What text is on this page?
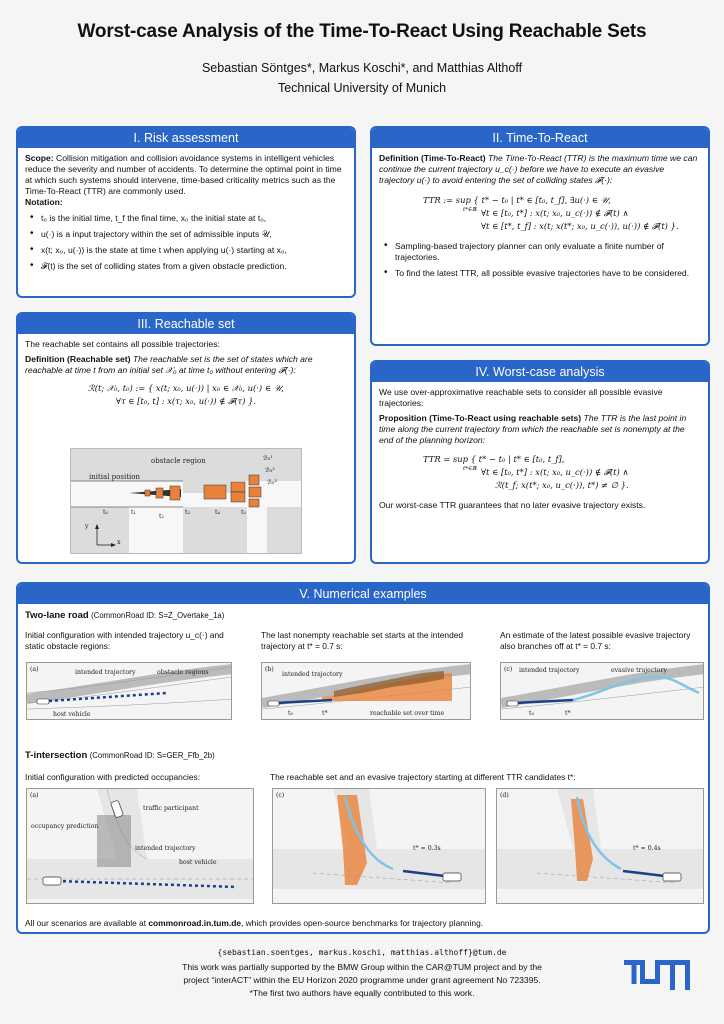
Worst-case Analysis of the Time-To-React Using Reachable Sets
Sebastian Söntges*, Markus Koschi*, and Matthias Althoff
Technical University of Munich
I. Risk assessment
Scope: Collision mitigation and collision avoidance systems in intelligent vehicles reduce the severity and number of accidents. To determine the optimal point in time at which such systems should intervene, time-based criticality metrics such as the Time-To-React (TTR) are commonly used.
Notation:
• t₀ is the initial time, t_f the final time, x₀ the initial state at t₀,
• u(·) is a input trajectory within the set of admissible inputs 𝒰,
• x(t; x₀, u(·)) is the state at time t when applying u(·) starting at x₀,
• 𝓕(t) is the set of colliding states from a given obstacle prediction.
III. Reachable set
The reachable set contains all possible trajectories:
Definition (Reachable set) The reachable set is the set of states which are reachable at time t from an initial set 𝒳₀ at time t₀ without entering 𝓕(·):
ℛ(t; 𝒳₀, t₀) := { x(t; x₀, u(·)) | x₀ ∈ 𝒳₀, u(·) ∈ 𝒰,
∀τ ∈ [t₀, t] : x(τ; x₀, u(·)) ∉ 𝓕(τ) }.
obstacle region
initial position
t₀	t₁
t₂
t₃	t₄	t₅
ℬ₅¹
ℬ₅²
ℬ₅³
y
x
II. Time-To-React
Definition (Time-To-React) The Time-To-React (TTR) is the maximum time we can continue the current trajectory u_c(·) before we have to execute an evasive trajectory u(·) to avoid entering the set of colliding states 𝓕(·):
TTR := sup { t* − t₀ | t* ∈ [t₀, t_f], ∃u(·) ∈ 𝒰,
∀t ∈ [t₀, t*] : x(t; x₀, u_c(·)) ∉ 𝓕(t) ∧
∀t ∈ [t*, t_f] : x(t; x(t*; x₀, u_c(·)), u(·)) ∉ 𝓕(t) }.
t*∈ℝ
• Sampling-based trajectory planner can only evaluate a finite number of trajectories.
• To find the latest TTR, all possible evasive trajectories have to be considered.
IV. Worst-case analysis
We use over-approximative reachable sets to consider all possible evasive trajectories:
Proposition (Time-To-React using reachable sets) The TTR is the last point in time along the current trajectory from which the reachable set is nonempty at the end of the planning horizon:
TTR = sup { t* − t₀ | t* ∈ [t₀, t_f],
∀t ∈ [t₀, t*] : x(t; x₀, u_c(·)) ∉ 𝓕(t) ∧
ℛ(t_f; x(t*; x₀, u_c(·)), t*) ≠ ∅ }.
t*∈ℝ
Our worst-case TTR guarantees that no later evasive trajectory exists.
V. Numerical examples
Two-lane road (CommonRoad ID: S=Z_Overtake_1a)
Initial configuration with intended trajectory u_c(·) and static obstacle regions:
The last nonempty reachable set starts at the intended trajectory at t* = 0.7 s:
An estimate of the latest possible evasive trajectory also branches off at t* = 0.7 s:
(a)	intended trajectory	obstacle regions
host vehicle
(b)
intended trajectory
t₀	t*	reachable set over time
(c) intended trajectory	evasive trajectory
t₀	t*
T-intersection (CommonRoad ID: S=GER_Ffb_2b)
Initial configuration with predicted occupancies:	The reachable set and an evasive trajectory starting at different TTR candidates t*:
(a)
traffic participant
occupancy prediction
intended trajectory
host vehicle
(c)
t* = 0.3s
(d)
t* = 0.4s
All our scenarios are available at commonroad.in.tum.de, which provides open-source benchmarks for trajectory planning.
{sebastian.soentges, markus.koschi, matthias.althoff}@tum.de
This work was partially supported by the BMW Group within the CAR@TUM project and by the
project “interACT” within the EU Horizon 2020 programme under grant agreement No 723395.
*The first two authors have equally contributed to this work.
